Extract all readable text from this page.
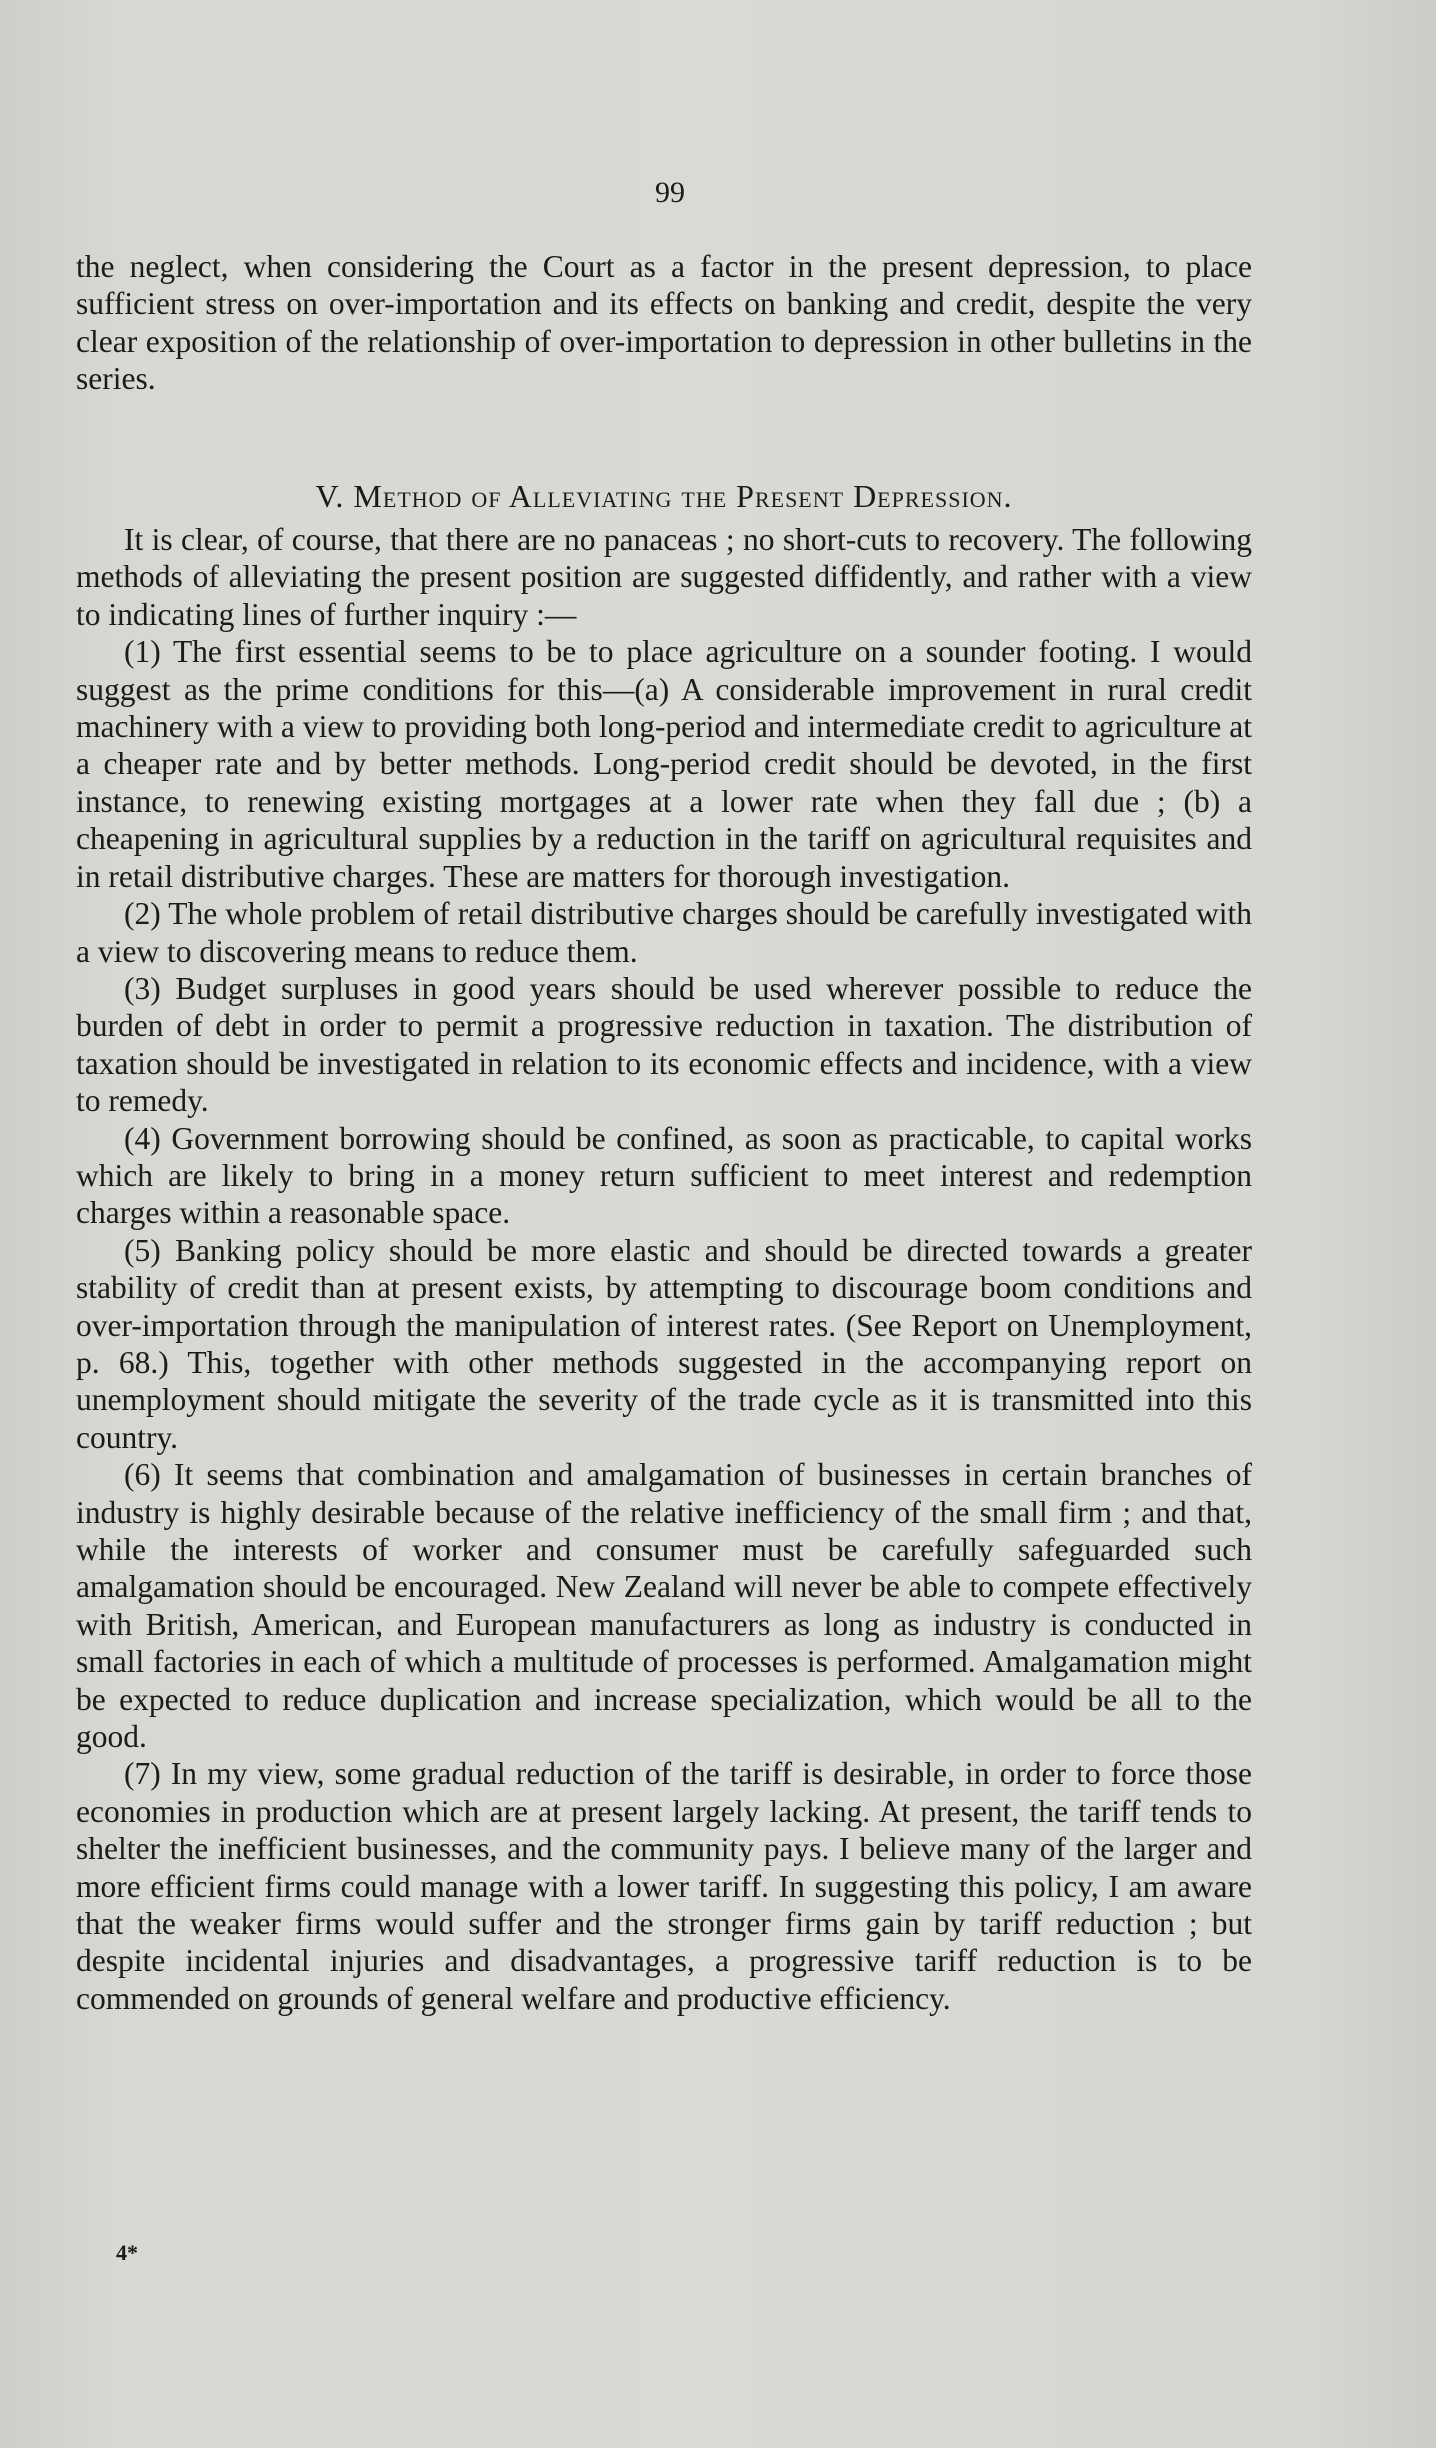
99

the neglect, when considering the Court as a factor in the present depression, to place sufficient stress on over-importation and its effects on banking and credit, despite the very clear exposition of the relationship of over-importation to depression in other bulletins in the series.

V. Method of Alleviating the Present Depression.

It is clear, of course, that there are no panaceas ; no short-cuts to recovery. The following methods of alleviating the present position are suggested diffidently, and rather with a view to indicating lines of further inquiry :—

(1) The first essential seems to be to place agriculture on a sounder footing. I would suggest as the prime conditions for this—(a) A considerable improvement in rural credit machinery with a view to providing both long-period and intermediate credit to agriculture at a cheaper rate and by better methods. Long-period credit should be devoted, in the first instance, to renewing existing mortgages at a lower rate when they fall due ; (b) a cheapening in agricultural supplies by a reduction in the tariff on agricultural requisites and in retail distributive charges. These are matters for thorough investigation.

(2) The whole problem of retail distributive charges should be carefully investigated with a view to discovering means to reduce them.

(3) Budget surpluses in good years should be used wherever possible to reduce the burden of debt in order to permit a progressive reduction in taxation. The distribution of taxation should be investigated in relation to its economic effects and incidence, with a view to remedy.

(4) Government borrowing should be confined, as soon as practicable, to capital works which are likely to bring in a money return sufficient to meet interest and redemption charges within a reasonable space.

(5) Banking policy should be more elastic and should be directed towards a greater stability of credit than at present exists, by attempting to discourage boom conditions and over-importation through the manipulation of interest rates. (See Report on Unemployment, p. 68.) This, together with other methods suggested in the accompanying report on unemployment should mitigate the severity of the trade cycle as it is transmitted into this country.

(6) It seems that combination and amalgamation of businesses in certain branches of industry is highly desirable because of the relative inefficiency of the small firm ; and that, while the interests of worker and consumer must be carefully safeguarded such amalgamation should be encouraged. New Zealand will never be able to compete effectively with British, American, and European manufacturers as long as industry is conducted in small factories in each of which a multitude of processes is performed. Amalgamation might be expected to reduce duplication and increase specialization, which would be all to the good.

(7) In my view, some gradual reduction of the tariff is desirable, in order to force those economies in production which are at present largely lacking. At present, the tariff tends to shelter the inefficient businesses, and the community pays. I believe many of the larger and more efficient firms could manage with a lower tariff. In suggesting this policy, I am aware that the weaker firms would suffer and the stronger firms gain by tariff reduction ; but despite incidental injuries and disadvantages, a progressive tariff reduction is to be commended on grounds of general welfare and productive efficiency.

4*
